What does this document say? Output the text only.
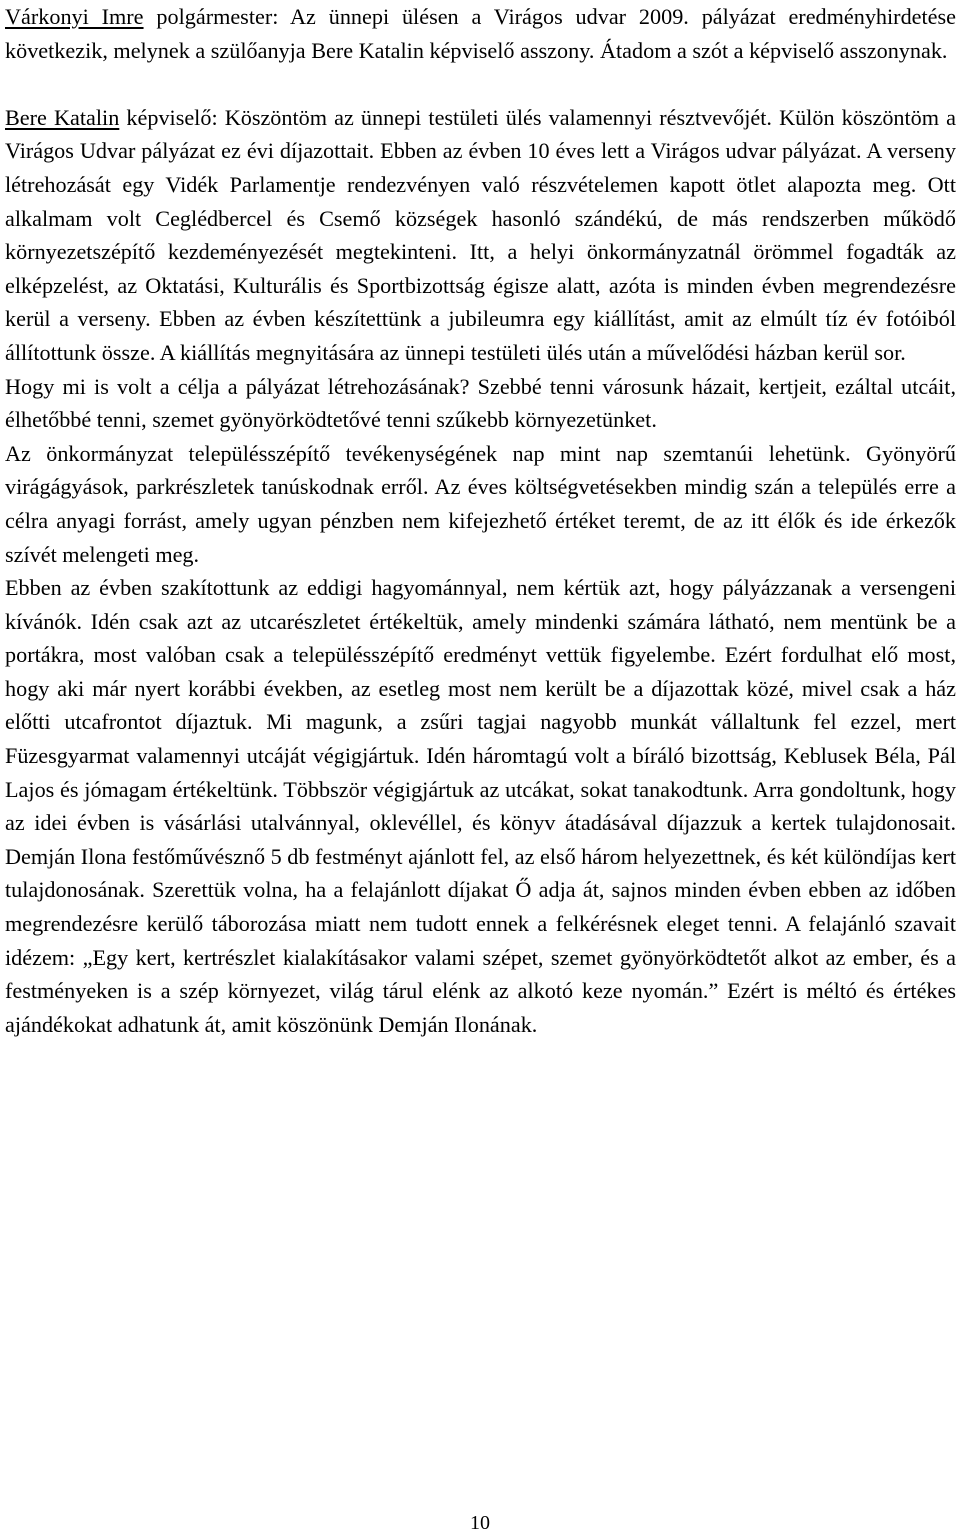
Várkonyi Imre polgármester: Az ünnepi ülésen a Virágos udvar 2009. pályázat eredményhirdetése következik, melynek a szülőanyja Bere Katalin képviselő asszony. Átadom a szót a képviselő asszonynak.

Bere Katalin képviselő: Köszöntöm az ünnepi testületi ülés valamennyi résztvevőjét. Külön köszöntöm a Virágos Udvar pályázat ez évi díjazottait. Ebben az évben 10 éves lett a Virágos udvar pályázat. A verseny létrehozását egy Vidék Parlamentje rendezvényen való részvételemen kapott ötlet alapozta meg. Ott alkalmam volt Ceglédbercel és Csemő községek hasonló szándékú, de más rendszerben működő környezetszépítő kezdeményezését megtekinteni. Itt, a helyi önkormányzatnál örömmel fogadták az elképzelést, az Oktatási, Kulturális és Sportbizottság égisze alatt, azóta is minden évben megrendezésre kerül a verseny. Ebben az évben készítettünk a jubileumra egy kiállítást, amit az elmúlt tíz év fotóiból állítottunk össze. A kiállítás megnyitására az ünnepi testületi ülés után a művelődési házban kerül sor.

Hogy mi is volt a célja a pályázat létrehozásának? Szebbé tenni városunk házait, kertjeit, ezáltal utcáit, élhetőbbé tenni, szemet gyönyörködtetővé tenni szűkebb környezetünket.

Az önkormányzat településszépítő tevékenységének nap mint nap szemtanúi lehetünk. Gyönyörű virágágyások, parkrészletek tanúskodnak erről. Az éves költségvetésekben mindig szán a település erre a célra anyagi forrást, amely ugyan pénzben nem kifejezhető értéket teremt, de az itt élők és ide érkezők szívét melengeti meg.

Ebben az évben szakítottunk az eddigi hagyománnyal, nem kértük azt, hogy pályázzanak a versengeni kívánók. Idén csak azt az utcarészletet értékeltük, amely mindenki számára látható, nem mentünk be a portákra, most valóban csak a településszépítő eredményt vettük figyelembe. Ezért fordulhat elő most, hogy aki már nyert korábbi években, az esetleg most nem került be a díjazottak közé, mivel csak a ház előtti utcafrontot díjaztuk. Mi magunk, a zsűri tagjai nagyobb munkát vállaltunk fel ezzel, mert Füzesgyarmat valamennyi utcáját végigjártuk. Idén háromtagú volt a bíráló bizottság, Keblusek Béla, Pál Lajos és jómagam értékeltünk. Többször végigjártuk az utcákat, sokat tanakodtunk. Arra gondoltunk, hogy az idei évben is vásárlási utalvánnyal, oklevéllel, és könyv átadásával díjazzuk a kertek tulajdonosait. Demján Ilona festőművésznő 5 db festményt ajánlott fel, az első három helyezettnek, és két különdíjas kert tulajdonosának. Szerettük volna, ha a felajánlott díjakat Ő adja át, sajnos minden évben ebben az időben megrendezésre kerülő táborozása miatt nem tudott ennek a felkérésnek eleget tenni. A felajánló szavait idézem: „Egy kert, kertrészlet kialakításakor valami szépet, szemet gyönyörködtetőt alkot az ember, és a festményeken is a szép környezet, világ tárul elénk az alkotó keze nyomán.” Ezért is méltó és értékes ajándékokat adhatunk át, amit köszönünk Demján Ilonának.

10
